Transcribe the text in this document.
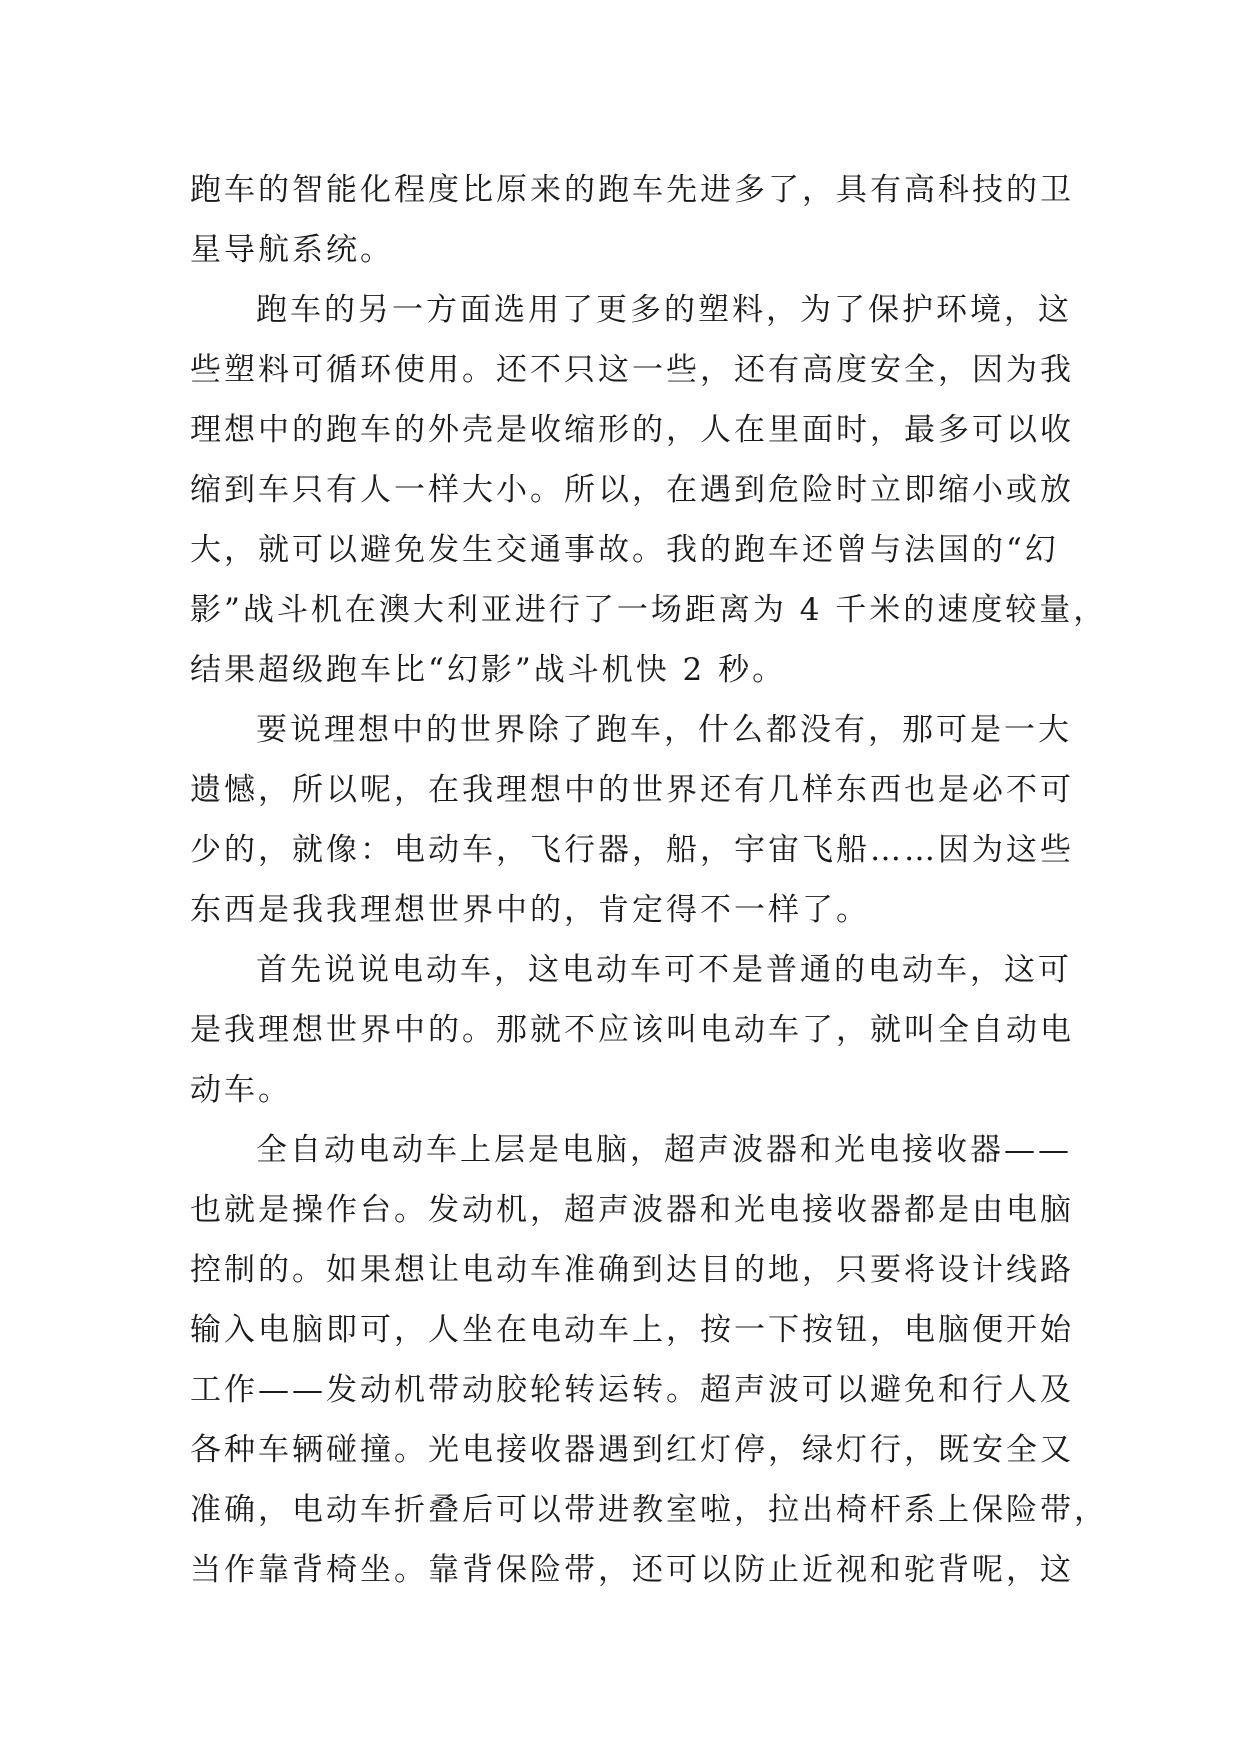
跑车的智能化程度比原来的跑车先进多了，具有高科技的卫
星导航系统。
跑车的另一方面选用了更多的塑料，为了保护环境，这
些塑料可循环使用。还不只这一些，还有高度安全，因为我
理想中的跑车的外壳是收缩形的，人在里面时，最多可以收
缩到车只有人一样大小。所以，在遇到危险时立即缩小或放
大，就可以避免发生交通事故。我的跑车还曾与法国的“幻
影”战斗机在澳大利亚进行了一场距离为 4 千米的速度较量，
结果超级跑车比“幻影”战斗机快 2 秒。
要说理想中的世界除了跑车，什么都没有，那可是一大
遗憾，所以呢，在我理想中的世界还有几样东西也是必不可
少的，就像：电动车，飞行器，船，宇宙飞船……因为这些
东西是我我理想世界中的，肯定得不一样了。
首先说说电动车，这电动车可不是普通的电动车，这可
是我理想世界中的。那就不应该叫电动车了，就叫全自动电
动车。
全自动电动车上层是电脑，超声波器和光电接收器——
也就是操作台。发动机，超声波器和光电接收器都是由电脑
控制的。如果想让电动车准确到达目的地，只要将设计线路
输入电脑即可，人坐在电动车上，按一下按钮，电脑便开始
工作——发动机带动胶轮转运转。超声波可以避免和行人及
各种车辆碰撞。光电接收器遇到红灯停，绿灯行，既安全又
准确，电动车折叠后可以带进教室啦，拉出椅杆系上保险带，
当作靠背椅坐。靠背保险带，还可以防止近视和驼背呢，这
